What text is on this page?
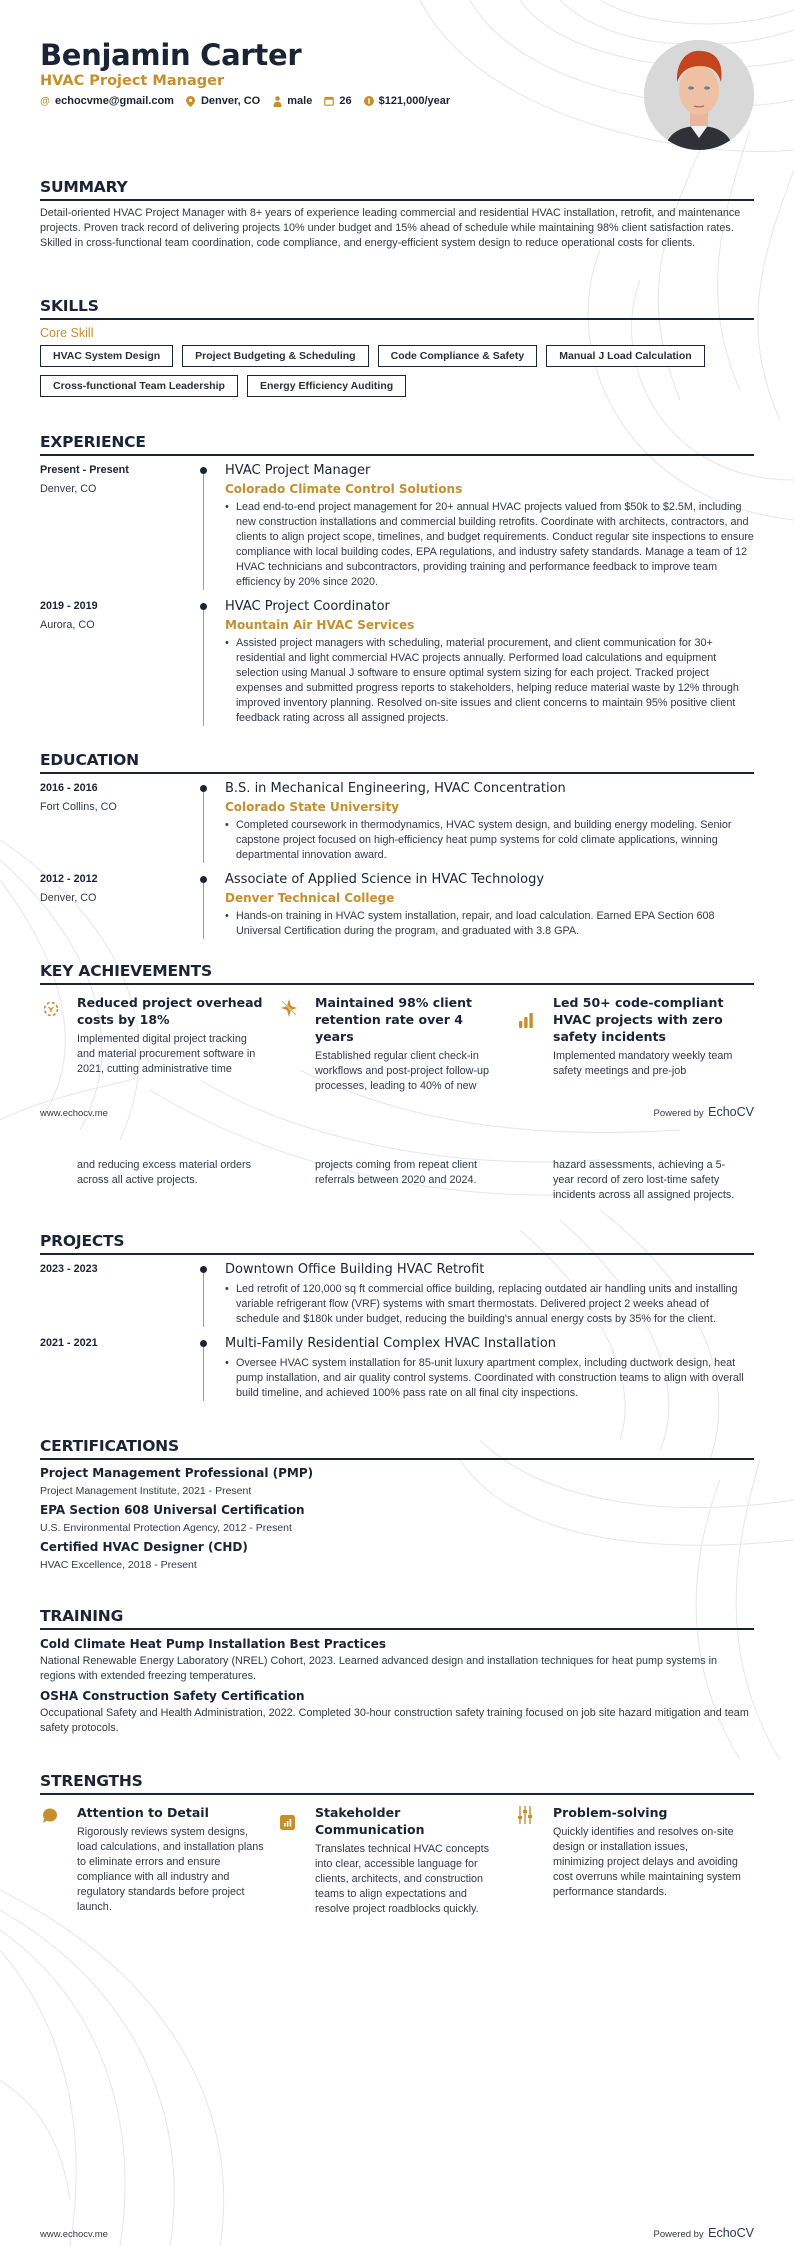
Benjamin Carter
HVAC Project Manager
@ echocvme@gmail.com Denver, CO male 26 $121,000/year
SUMMARY

Detail-oriented HVAC Project Manager with 8+ years of experience leading commercial and residential HVAC installation, retrofit, and maintenance projects. Proven track record of delivering projects 10% under budget and 15% ahead of schedule while maintaining 98% client satisfaction rates. Skilled in cross-functional team coordination, code compliance, and energy-efficient system design to reduce operational costs for clients.

SKILLS
Core Skill
HVAC System Design	Project Budgeting & Scheduling	Code Compliance & Safety	Manual J Load Calculation
Cross-functional Team Leadership	Energy Efficiency Auditing
EXPERIENCE
Present - Present
Denver, CO
HVAC Project Manager
Colorado Climate Control Solutions
• Lead end-to-end project management for 20+ annual HVAC projects valued from $50k to $2.5M, including new construction installations and commercial building retrofits. Coordinate with architects, contractors, and clients to align project scope, timelines, and budget requirements. Conduct regular site inspections to ensure compliance with local building codes, EPA regulations, and industry safety standards. Manage a team of 12 HVAC technicians and subcontractors, providing training and performance feedback to improve team efficiency by 20% since 2020.
2019 - 2019
Aurora, CO
HVAC Project Coordinator
Mountain Air HVAC Services
• Assisted project managers with scheduling, material procurement, and client communication for 30+ residential and light commercial HVAC projects annually. Performed load calculations and equipment selection using Manual J software to ensure optimal system sizing for each project. Tracked project expenses and submitted progress reports to stakeholders, helping reduce material waste by 12% through improved inventory planning. Resolved on-site issues and client concerns to maintain 95% positive client feedback rating across all assigned projects.
EDUCATION
2016 - 2016
Fort Collins, CO
B.S. in Mechanical Engineering, HVAC Concentration
Colorado State University
• Completed coursework in thermodynamics, HVAC system design, and building energy modeling. Senior capstone project focused on high-efficiency heat pump systems for cold climate applications, winning departmental innovation award.
2012 - 2012
Denver, CO
Associate of Applied Science in HVAC Technology
Denver Technical College
• Hands-on training in HVAC system installation, repair, and load calculation. Earned EPA Section 608 Universal Certification during the program, and graduated with 3.8 GPA.
KEY ACHIEVEMENTS
Reduced project overhead costs by 18%
Implemented digital project tracking and material procurement software in 2021, cutting administrative time
Maintained 98% client retention rate over 4 years
Established regular client check-in workflows and post-project follow-up processes, leading to 40% of new
Led 50+ code-compliant HVAC projects with zero safety incidents
Implemented mandatory weekly team safety meetings and pre-job
www.echocv.me	Powered by EchoCV
and reducing excess material orders across all active projects.
projects coming from repeat client referrals between 2020 and 2024.
hazard assessments, achieving a 5-year record of zero lost-time safety incidents across all assigned projects.
PROJECTS
2023 - 2023	Downtown Office Building HVAC Retrofit
• Led retrofit of 120,000 sq ft commercial office building, replacing outdated air handling units and installing variable refrigerant flow (VRF) systems with smart thermostats. Delivered project 2 weeks ahead of schedule and $180k under budget, reducing the building's annual energy costs by 35% for the client.
2021 - 2021	Multi-Family Residential Complex HVAC Installation
• Oversee HVAC system installation for 85-unit luxury apartment complex, including ductwork design, heat pump installation, and air quality control systems. Coordinated with construction teams to align with overall build timeline, and achieved 100% pass rate on all final city inspections.
CERTIFICATIONS
Project Management Professional (PMP)
Project Management Institute, 2021 - Present
EPA Section 608 Universal Certification
U.S. Environmental Protection Agency, 2012 - Present
Certified HVAC Designer (CHD)
HVAC Excellence, 2018 - Present
TRAINING
Cold Climate Heat Pump Installation Best Practices
National Renewable Energy Laboratory (NREL) Cohort, 2023. Learned advanced design and installation techniques for heat pump systems in regions with extended freezing temperatures.
OSHA Construction Safety Certification
Occupational Safety and Health Administration, 2022. Completed 30-hour construction safety training focused on job site hazard mitigation and team safety protocols.
STRENGTHS
Attention to Detail
Rigorously reviews system designs, load calculations, and installation plans to eliminate errors and ensure compliance with all industry and regulatory standards before project launch.
Stakeholder Communication
Translates technical HVAC concepts into clear, accessible language for clients, architects, and construction teams to align expectations and resolve project roadblocks quickly.
Problem-solving
Quickly identifies and resolves on-site design or installation issues, minimizing project delays and avoiding cost overruns while maintaining system performance standards.
www.echocv.me	Powered by EchoCV
